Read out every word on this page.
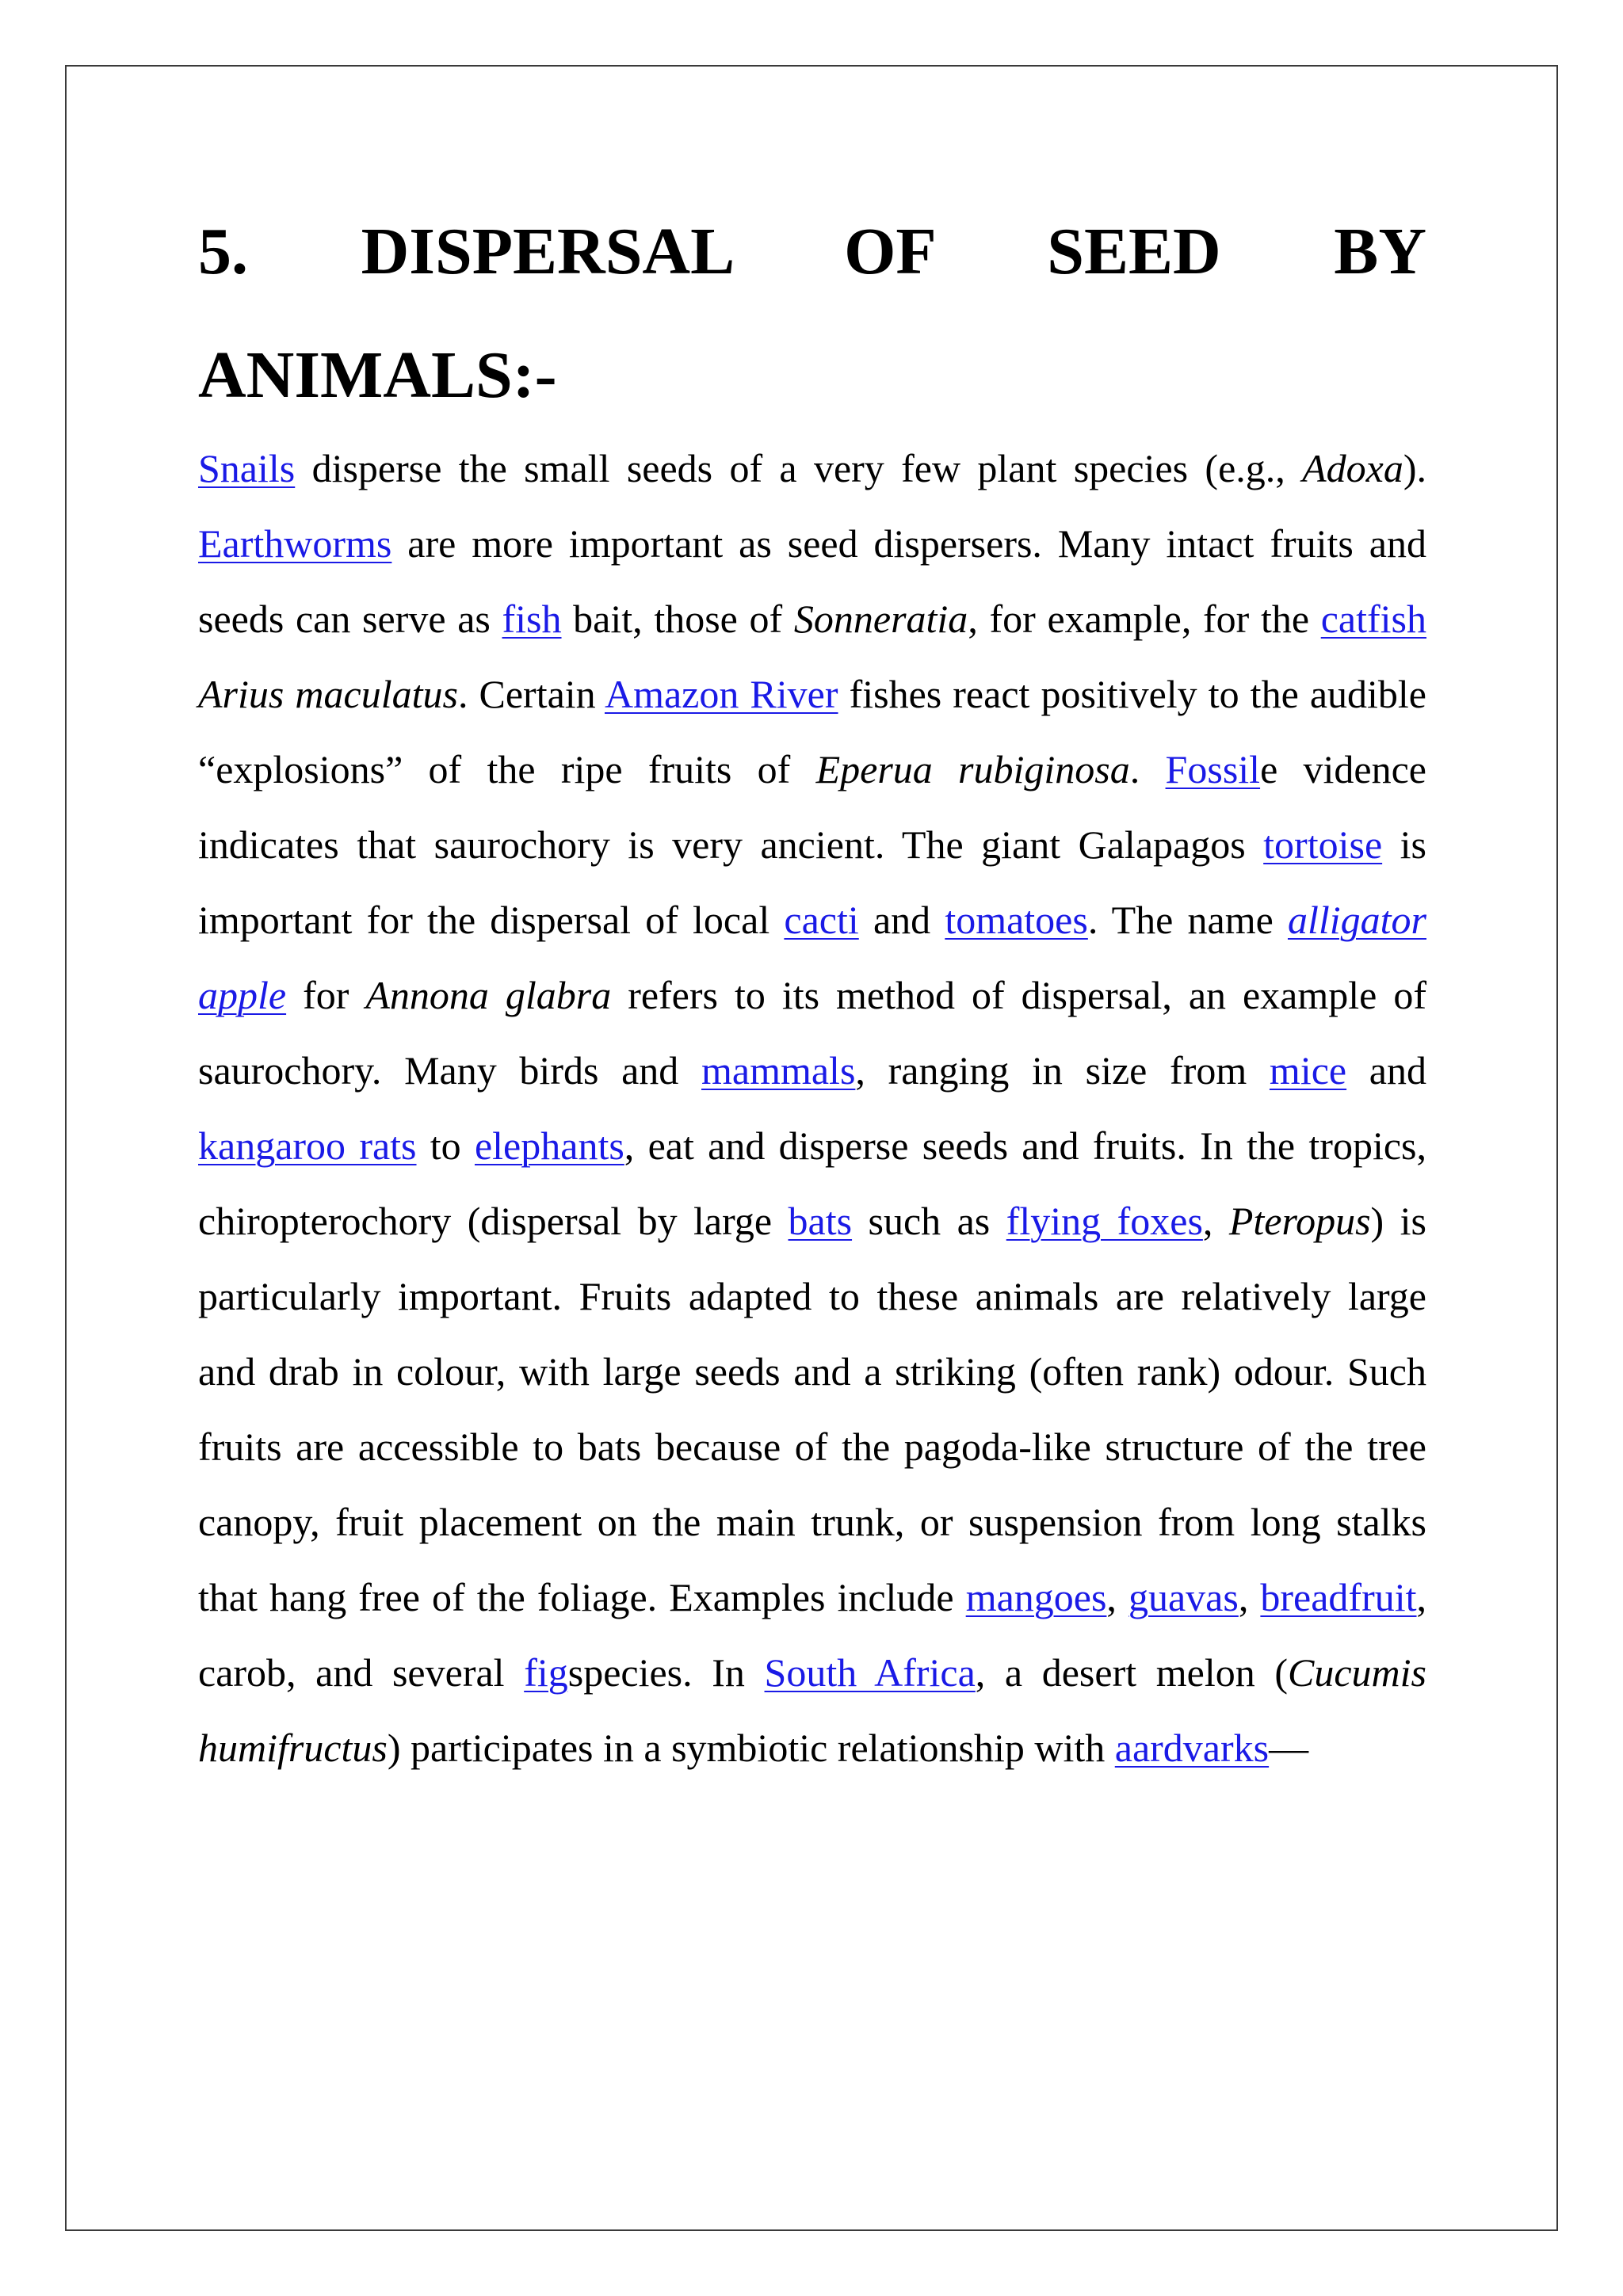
5. DISPERSAL OF SEED BY
ANIMALS:-

Snails disperse the small seeds of a very few plant species (e.g., Adoxa). Earthworms are more important as seed dispersers. Many intact fruits and seeds can serve as fish bait, those of Sonneratia, for example, for the catfish Arius maculatus. Certain Amazon River fishes react positively to the audible “explosions” of the ripe fruits of Eperua rubiginosa. Fossile vidence indicates that saurochory is very ancient. The giant Galapagos tortoise is important for the dispersal of local cacti and tomatoes. The name alligator apple for Annona glabra refers to its method of dispersal, an example of saurochory. Many birds and mammals, ranging in size from mice and kangaroo rats to elephants, eat and disperse seeds and fruits. In the tropics, chiropterochory (dispersal by large bats such as flying foxes, Pteropus) is particularly important. Fruits adapted to these animals are relatively large and drab in colour, with large seeds and a striking (often rank) odour. Such fruits are accessible to bats because of the pagoda-like structure of the tree canopy, fruit placement on the main trunk, or suspension from long stalks that hang free of the foliage. Examples include mangoes, guavas, breadfruit, carob, and several figspecies. In South Africa, a desert melon (Cucumis humifructus) participates in a symbiotic relationship with aardvarks—
